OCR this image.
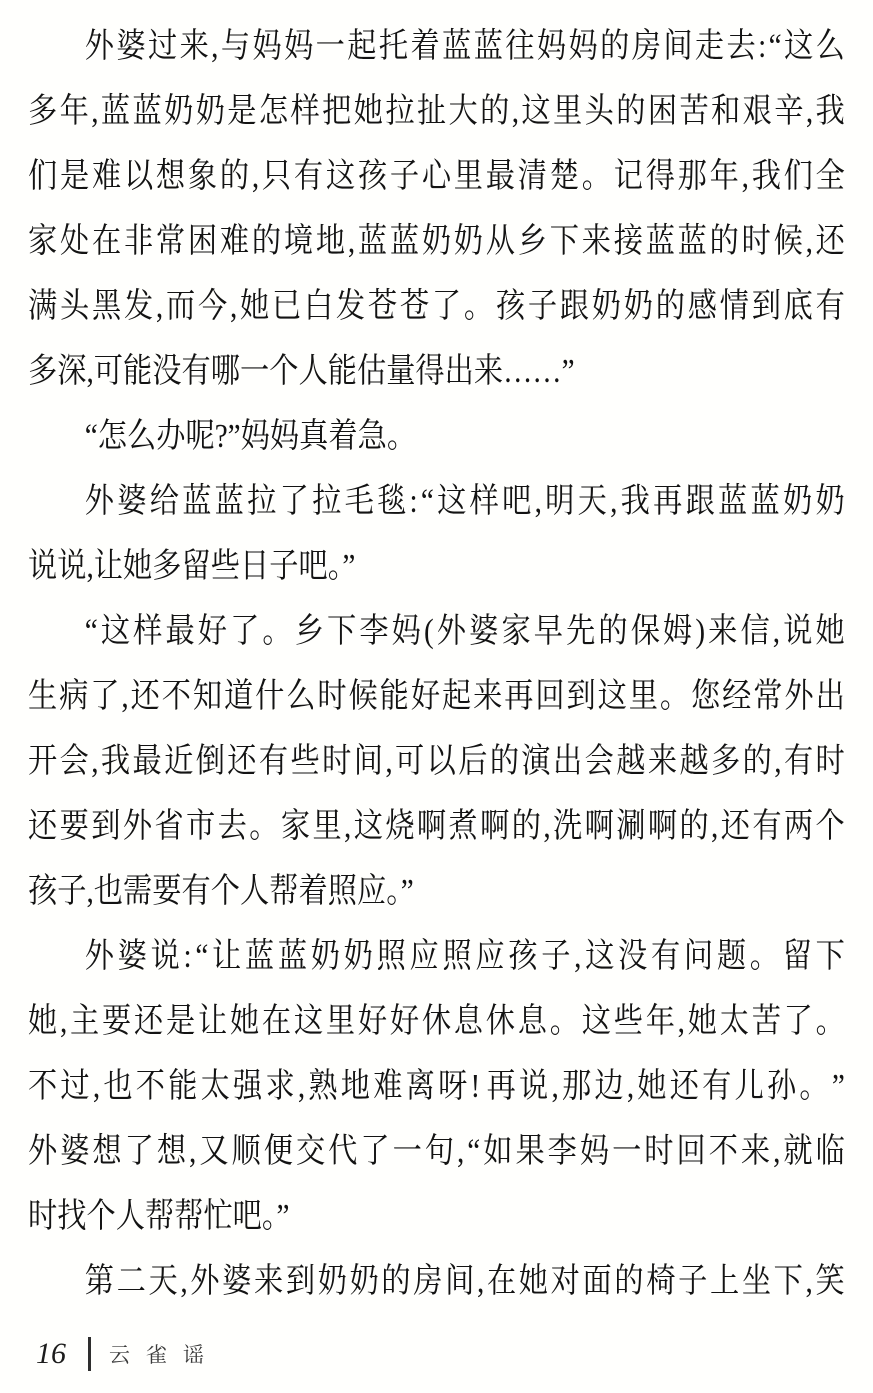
外 婆 过 来 , 与 妈 妈 一 起 托 着 蓝 蓝 往 妈 妈 的 房 间 走 去 : “ 这 么
多 年 , 蓝 蓝 奶 奶 是 怎 样 把 她 拉 扯 大 的 , 这 里 头 的 困 苦 和 艰 辛 , 我
们 是 难 以 想 象 的 , 只 有 这 孩 子 心 里 最 清 楚 。 记 得 那 年 , 我 们 全
家 处 在 非 常 困 难 的 境 地 , 蓝 蓝 奶 奶 从 乡 下 来 接 蓝 蓝 的 时 候 , 还
满 头 黑 发 , 而 今 , 她 已 白 发 苍 苍 了 。 孩 子 跟 奶 奶 的 感 情 到 底 有
多深,可能没有哪一个人能估量得出来……”
“怎么办呢?”妈妈真着急。
外 婆 给 蓝 蓝 拉 了 拉 毛 毯 : “ 这 样 吧 , 明 天 , 我 再 跟 蓝 蓝 奶 奶
说说,让她多留些日子吧。”
“ 这 样 最 好 了 。 乡 下 李 妈 ( 外 婆 家 早 先 的 保 姆 ) 来 信 , 说 她
生 病 了 , 还 不 知 道 什 么 时 候 能 好 起 来 再 回 到 这 里 。 您 经 常 外 出
开 会 , 我 最 近 倒 还 有 些 时 间 , 可 以 后 的 演 出 会 越 来 越 多 的 , 有 时
还 要 到 外 省 市 去 。 家 里 , 这 烧 啊 煮 啊 的 , 洗 啊 涮 啊 的 , 还 有 两 个
孩子,也需要有个人帮着照应。”
外 婆 说 : “ 让 蓝 蓝 奶 奶 照 应 照 应 孩 子 , 这 没 有 问 题 。 留 下
她 , 主 要 还 是 让 她 在 这 里 好 好 休 息 休 息 。 这 些 年 , 她 太 苦 了 。
不 过 , 也 不 能 太 强 求 , 熟 地 难 离 呀 ! 再 说 , 那 边 , 她 还 有 儿 孙 。 ”
外 婆 想 了 想 , 又 顺 便 交 代 了 一 句 , “ 如 果 李 妈 一 时 回 不 来 , 就 临
时找个人帮帮忙吧。”
第 二 天 , 外 婆 来 到 奶 奶 的 房 间 , 在 她 对 面 的 椅 子 上 坐 下 , 笑
16 云雀谣
